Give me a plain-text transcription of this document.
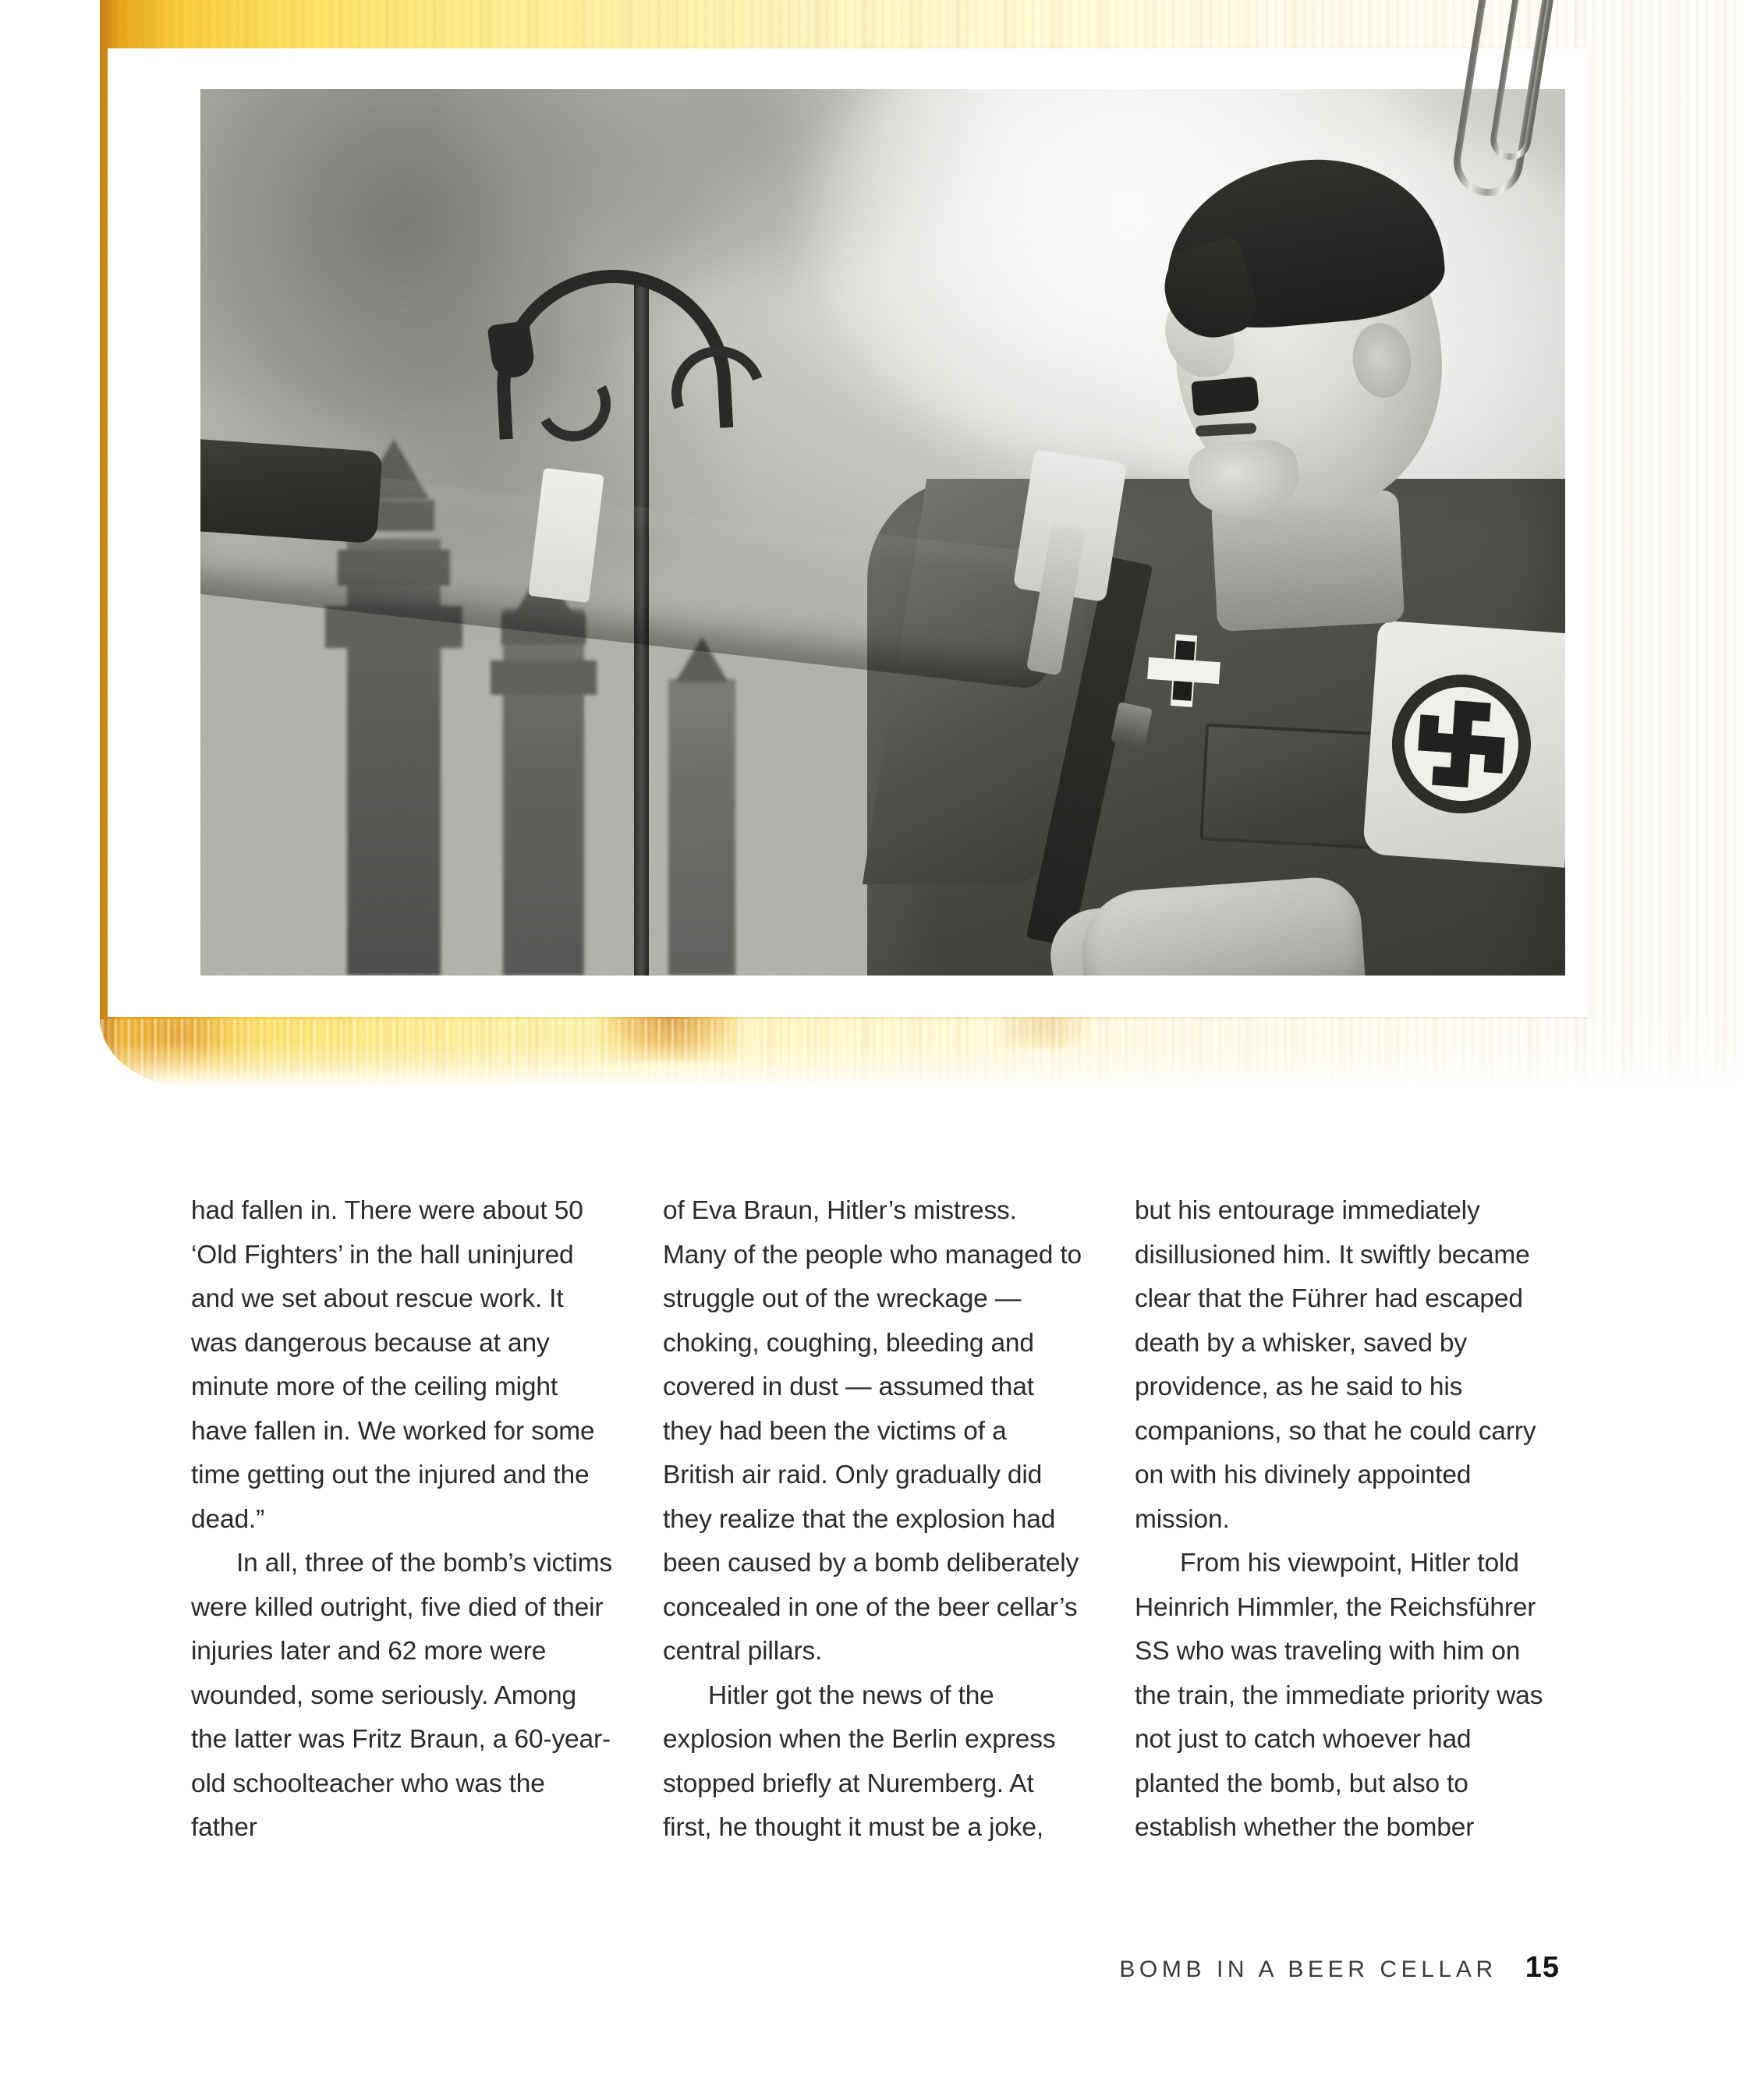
had fallen in. There were about 50 ‘Old Fighters’ in the hall uninjured and we set about rescue work. It was dangerous because at any minute more of the ceiling might have fallen in. We worked for some time getting out the injured and the dead.”

In all, three of the bomb’s victims were killed outright, five died of their injuries later and 62 more were wounded, some seriously. Among the latter was Fritz Braun, a 60-year-old schoolteacher who was the father

of Eva Braun, Hitler’s mistress. Many of the people who managed to struggle out of the wreckage — choking, coughing, bleeding and covered in dust — assumed that they had been the victims of a British air raid. Only gradually did they realize that the explosion had been caused by a bomb deliberately concealed in one of the beer cellar’s central pillars.

Hitler got the news of the explosion when the Berlin express stopped briefly at Nuremberg. At first, he thought it must be a joke,

but his entourage immediately disillusioned him. It swiftly became clear that the Führer had escaped death by a whisker, saved by providence, as he said to his companions, so that he could carry on with his divinely appointed mission.

From his viewpoint, Hitler told Heinrich Himmler, the Reichsführer SS who was traveling with him on the train, the immediate priority was not just to catch whoever had planted the bomb, but also to establish whether the bomber

BOMB IN A BEER CELLAR 15
